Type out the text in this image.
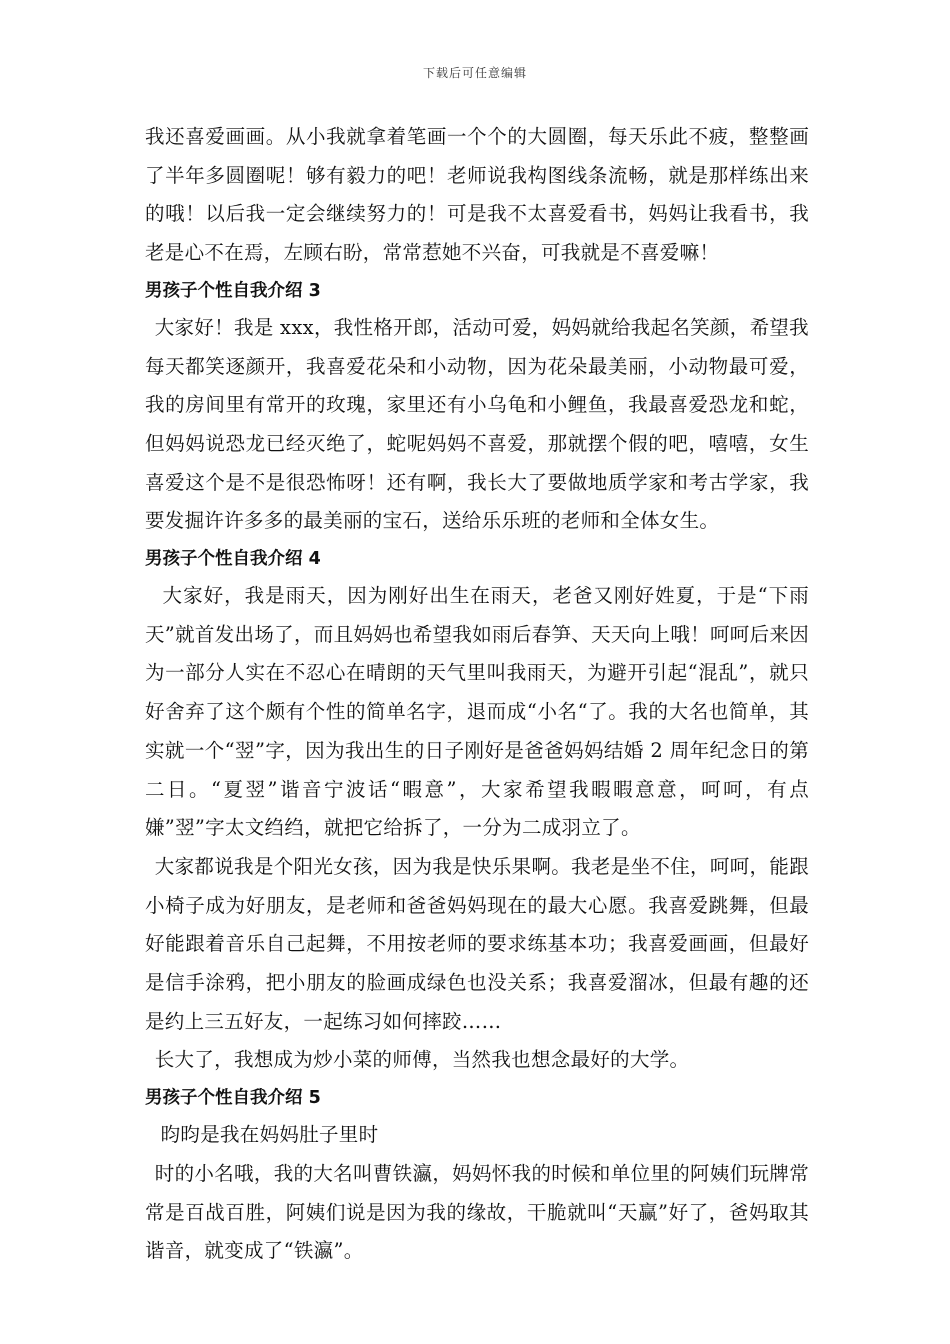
下载后可任意编辑

我还喜爱画画。从小我就拿着笔画一个个的大圆圈，每天乐此不疲，整整画了半年多圆圈呢！够有毅力的吧！老师说我构图线条流畅，就是那样练出来的哦！以后我一定会继续努力的！可是我不太喜爱看书，妈妈让我看书，我老是心不在焉，左顾右盼，常常惹她不兴奋，可我就是不喜爱嘛！

男孩子个性自我介绍 3

大家好！我是 xxx，我性格开郎，活动可爱，妈妈就给我起名笑颜，希望我每天都笑逐颜开，我喜爱花朵和小动物，因为花朵最美丽，小动物最可爱，我的房间里有常开的玫瑰，家里还有小乌龟和小鲤鱼，我最喜爱恐龙和蛇，但妈妈说恐龙已经灭绝了，蛇呢妈妈不喜爱，那就摆个假的吧，嘻嘻，女生喜爱这个是不是很恐怖呀！还有啊，我长大了要做地质学家和考古学家，我要发掘许许多多的最美丽的宝石，送给乐乐班的老师和全体女生。

男孩子个性自我介绍 4

大家好，我是雨天，因为刚好出生在雨天，老爸又刚好姓夏，于是“下雨天”就首发出场了，而且妈妈也希望我如雨后春笋、天天向上哦！呵呵后来因为一部分人实在不忍心在晴朗的天气里叫我雨天，为避开引起“混乱”，就只好舍弃了这个颇有个性的简单名字，退而成“小名“了。我的大名也简单，其实就一个“翌”字，因为我出生的日子刚好是爸爸妈妈结婚 2 周年纪念日的第二日。“夏翌”谐音宁波话“暇意”，大家希望我暇暇意意，呵呵，有点嫌”翌”字太文绉绉，就把它给拆了，一分为二成羽立了。

大家都说我是个阳光女孩，因为我是快乐果啊。我老是坐不住，呵呵，能跟小椅子成为好朋友，是老师和爸爸妈妈现在的最大心愿。我喜爱跳舞，但最好能跟着音乐自己起舞，不用按老师的要求练基本功；我喜爱画画，但最好是信手涂鸦，把小朋友的脸画成绿色也没关系；我喜爱溜冰，但最有趣的还是约上三五好友，一起练习如何摔跤……

长大了，我想成为炒小菜的师傅，当然我也想念最好的大学。

男孩子个性自我介绍 5

昀昀是我在妈妈肚子里时

时的小名哦，我的大名叫曹铁瀛，妈妈怀我的时候和单位里的阿姨们玩牌常常是百战百胜，阿姨们说是因为我的缘故，干脆就叫“天赢”好了，爸妈取其谐音，就变成了“铁瀛”。
